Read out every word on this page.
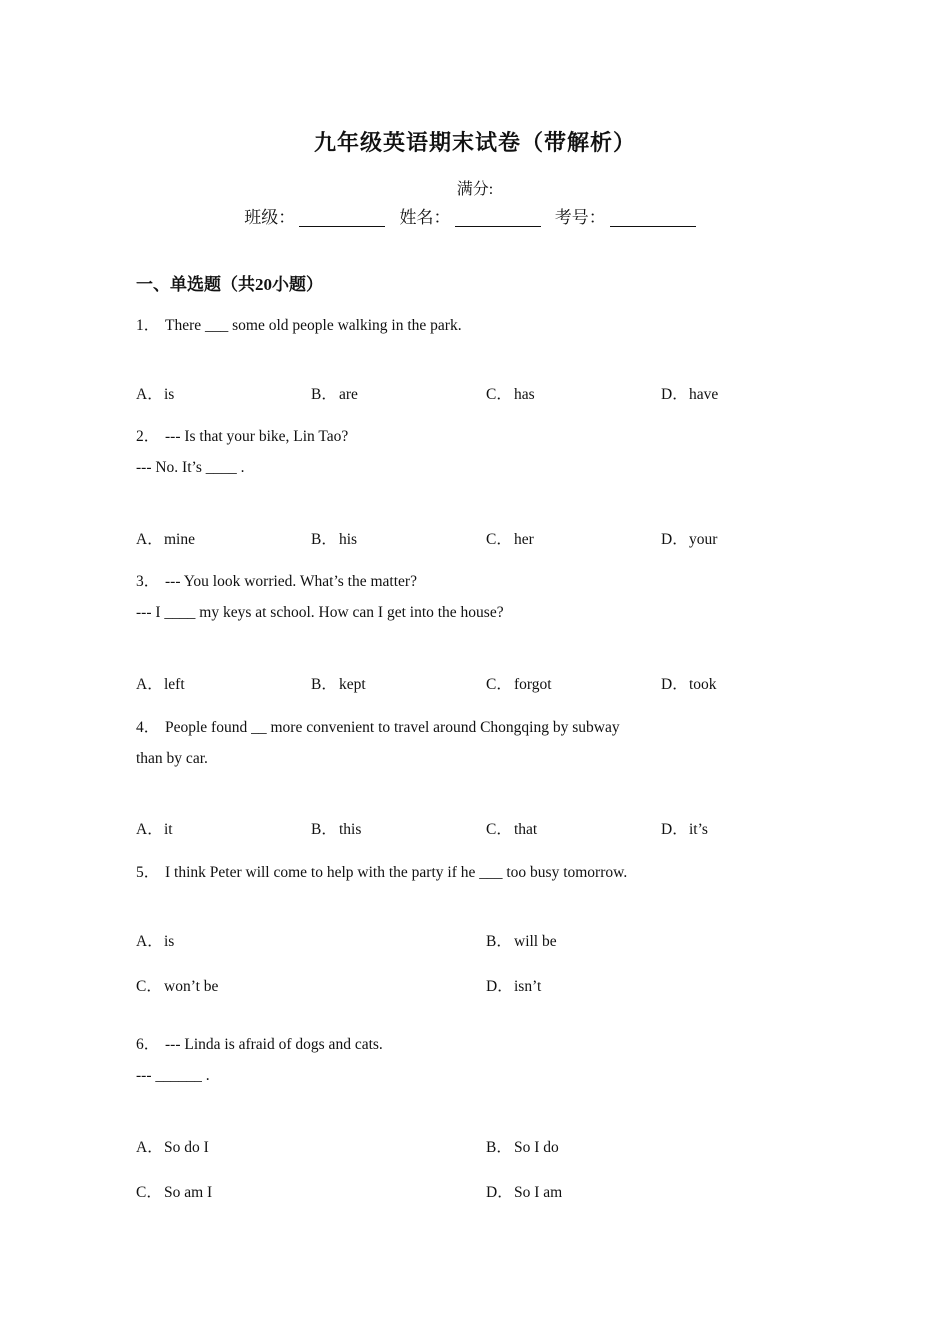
九年级英语期末试卷（带解析）
满分:
班级：	姓名：	考号：
一、单选题（共20小题）
1． There ___ some old people walking in the park.
A．is	B． are	C． has	D．have
2． --- Is that your bike, Lin Tao?
--- No. It’s ____ .
A．mine	B． his	C． her	D．your
3． --- You look worried. What’s the matter?
--- I ____ my keys at school. How can I get into the house?
A．left	B． kept	C． forgot	D．took
4． People found __ more convenient to travel around Chongqing by subway
than by car.
A．it	B． this	C． that	D．it’s
5． I think Peter will come to help with the party if he ___ too busy tomorrow.
A．is	B． will be
C． won’t be	D．isn’t
6． --- Linda is afraid of dogs and cats.
--- ______ .
A．So do I	B． So I do
C． So am I	D．So I am
